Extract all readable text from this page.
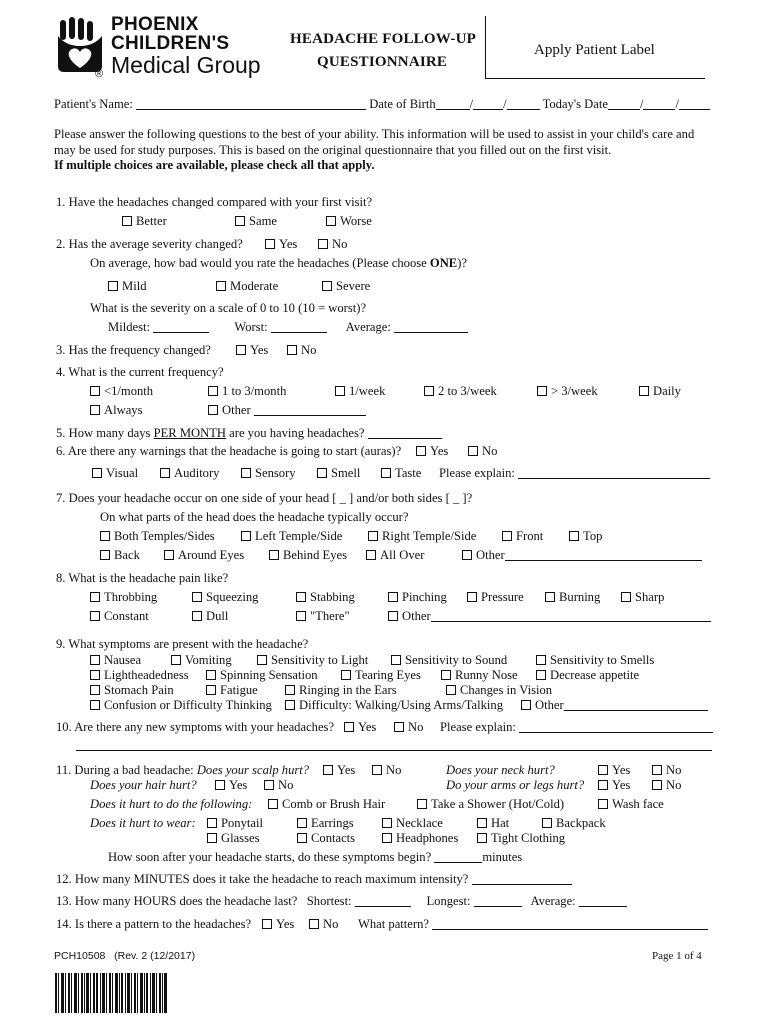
PHOENIX
CHILDREN'S
Medical Group
®
HEADACHE FOLLOW-UP
QUESTIONNAIRE
Apply Patient Label
Patient's Name:	Date of Birth	/ /	Today's Date	/	/
Please answer the following questions to the best of your ability. This information will be used to assist in your child's care and
may be used for study purposes. This is based on the original questionnaire that you filled out on the first visit.
If multiple choices are available, please check all that apply.
1. Have the headaches changed compared with your first visit?
Better	Same	Worse
2. Has the average severity changed?	Yes	No
On average, how bad would you rate the headaches (Please choose ONE)?
Mild	Moderate	Severe
What is the severity on a scale of 0 to 10 (10 = worst)?
Mildest:	Worst:	Average:
3. Has the frequency changed?	Yes	No
4. What is the current frequency?
<1/month	1 to 3/month	1/week	2 to 3/week	> 3/week	Daily
Always	Other
5. How many days PER MONTH are you having headaches?
6. Are there any warnings that the headache is going to start (auras)?	Yes	No
Visual	Auditory	Sensory	Smell	Taste Please explain:
7. Does your headache occur on one side of your head [ _ ] and/or both sides [ _ ]?
On what parts of the head does the headache typically occur?
Both Temples/Sides	Left Temple/Side	Right Temple/Side	Front	Top
Back	Around Eyes	Behind Eyes	All Over	Other
8. What is the headache pain like?
Throbbing	Squeezing	Stabbing	Pinching	Pressure	Burning	Sharp
Constant	Dull	"There"	Other
9. What symptoms are present with the headache?
Nausea	Vomiting	Sensitivity to Light	Sensitivity to Sound	Sensitivity to Smells
Lightheadedness	Spinning Sensation	Tearing Eyes	Runny Nose	Decrease appetite
Stomach Pain	Fatigue	Ringing in the Ears	Changes in Vision
Confusion or Difficulty Thinking	Difficulty: Walking/Using Arms/Talking	Other
10. Are there any new symptoms with your headaches?	Yes	No Please explain:
11. During a bad headache: Does your scalp hurt?	Yes	No	Does your neck hurt?	Yes	No
Does your hair hurt?	Yes	No	Do your arms or legs hurt?	Yes	No
Does it hurt to do the following:	Comb or Brush Hair	Take a Shower (Hot/Cold)	Wash face
Does it hurt to wear:	Ponytail	Earrings	Necklace	Hat	Backpack
Glasses	Contacts	Headphones	Tight Clothing
How soon after your headache starts, do these symptoms begin?	minutes
12. How many MINUTES does it take the headache to reach maximum intensity?
13. How many HOURS does the headache last? Shortest:	Longest:	Average:
14. Is there a pattern to the headaches?	Yes	No What pattern?
PCH10508 (Rev. 2 (12/2017)	Page 1 of 4
